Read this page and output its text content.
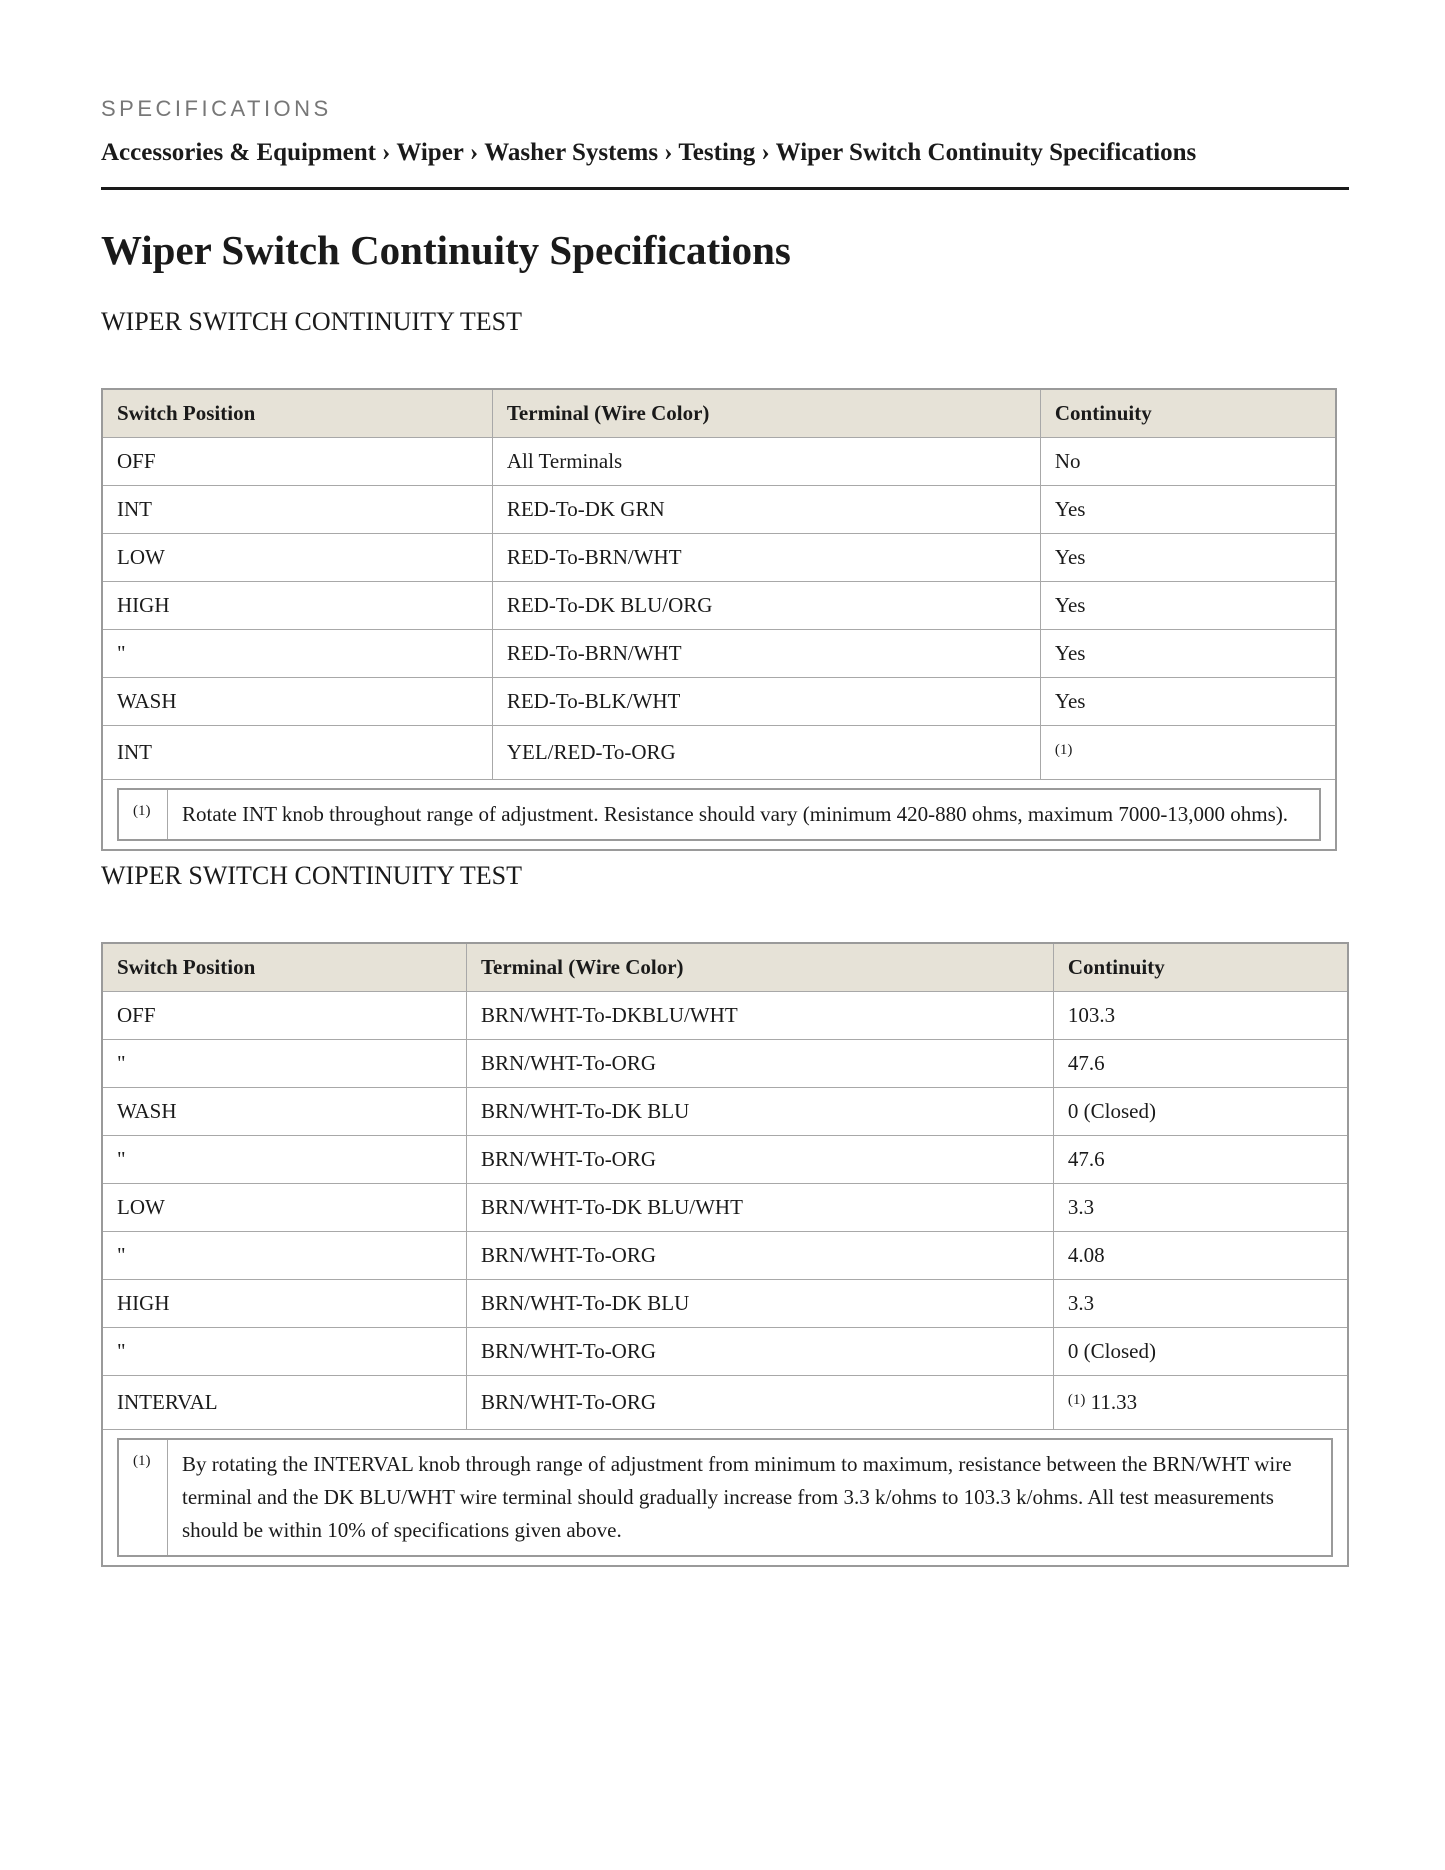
SPECIFICATIONS
Accessories & Equipment › Wiper › Washer Systems › Testing › Wiper Switch Continuity Specifications
Wiper Switch Continuity Specifications
WIPER SWITCH CONTINUITY TEST
Switch Position	Terminal (Wire Color)	Continuity
OFF	All Terminals	No
INT	RED-To-DK GRN	Yes
LOW	RED-To-BRN/WHT	Yes
HIGH	RED-To-DK BLU/ORG	Yes
"	RED-To-BRN/WHT	Yes
WASH	RED-To-BLK/WHT	Yes
INT	YEL/RED-To-ORG	$^{(1)}$

(1)	Rotate INT knob throughout range of adjustment. Resistance should vary (minimum 420-880 ohms, maximum 7000-13,000 ohms).
WIPER SWITCH CONTINUITY TEST
Switch Position	Terminal (Wire Color)	Continuity
OFF	BRN/WHT-To-DKBLU/WHT	103.3
"	BRN/WHT-To-ORG	47.6
WASH	BRN/WHT-To-DK BLU	0 (Closed)
"	BRN/WHT-To-ORG	47.6
LOW	BRN/WHT-To-DK BLU/WHT	3.3
"	BRN/WHT-To-ORG	4.08
HIGH	BRN/WHT-To-DK BLU	3.3
"	BRN/WHT-To-ORG	0 (Closed)
INTERVAL	BRN/WHT-To-ORG	$^{(1)}$ 11.33

(1)	By rotating the INTERVAL knob through range of adjustment from minimum to maximum, resistance between the BRN/WHT wire terminal and the DK BLU/WHT wire terminal should gradually increase from 3.3 k/ohms to 103.3 k/ohms. All test measurements should be within 10% of specifications given above.
